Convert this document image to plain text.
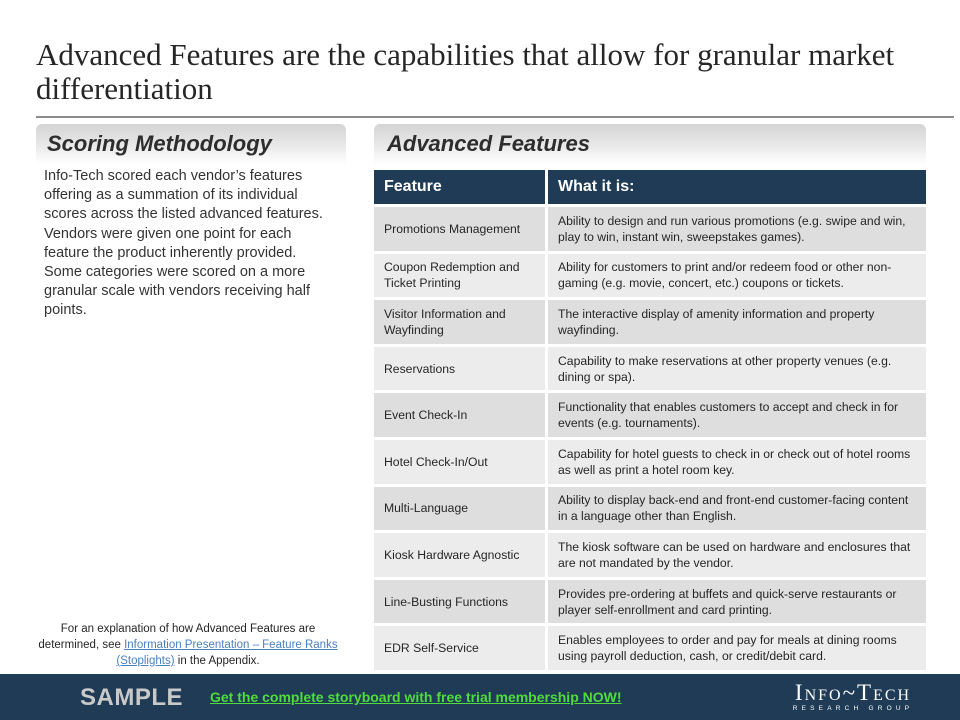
Advanced Features are the capabilities that allow for granular market differentiation
Scoring Methodology
Info-Tech scored each vendor’s features offering as a summation of its individual scores across the listed advanced features. Vendors were given one point for each feature the product inherently provided. Some categories were scored on a more granular scale with vendors receiving half points.
For an explanation of how Advanced Features are determined, see Information Presentation – Feature Ranks (Stoplights) in the Appendix.
Advanced Features
Feature	What it is:
Promotions Management	Ability to design and run various promotions (e.g. swipe and win, play to win, instant win, sweepstakes games).
Coupon Redemption and Ticket Printing	Ability for customers to print and/or redeem food or other non-gaming (e.g. movie, concert, etc.) coupons or tickets.
Visitor Information and Wayfinding	The interactive display of amenity information and property wayfinding.
Reservations	Capability to make reservations at other property venues (e.g. dining or spa).
Event Check-In	Functionality that enables customers to accept and check in for events (e.g. tournaments).
Hotel Check-In/Out	Capability for hotel guests to check in or check out of hotel rooms as well as print a hotel room key.
Multi-Language	Ability to display back-end and front-end customer-facing content in a language other than English.
Kiosk Hardware Agnostic	The kiosk software can be used on hardware and enclosures that are not mandated by the vendor.
Line-Busting Functions	Provides pre-ordering at buffets and quick-serve restaurants or player self-enrollment and card printing.
EDR Self-Service	Enables employees to order and pay for meals at dining rooms using payroll deduction, cash, or credit/debit card.
SAMPLE Get the complete storyboard with free trial membership NOW!	Info~Tech
RESEARCH GROUP
